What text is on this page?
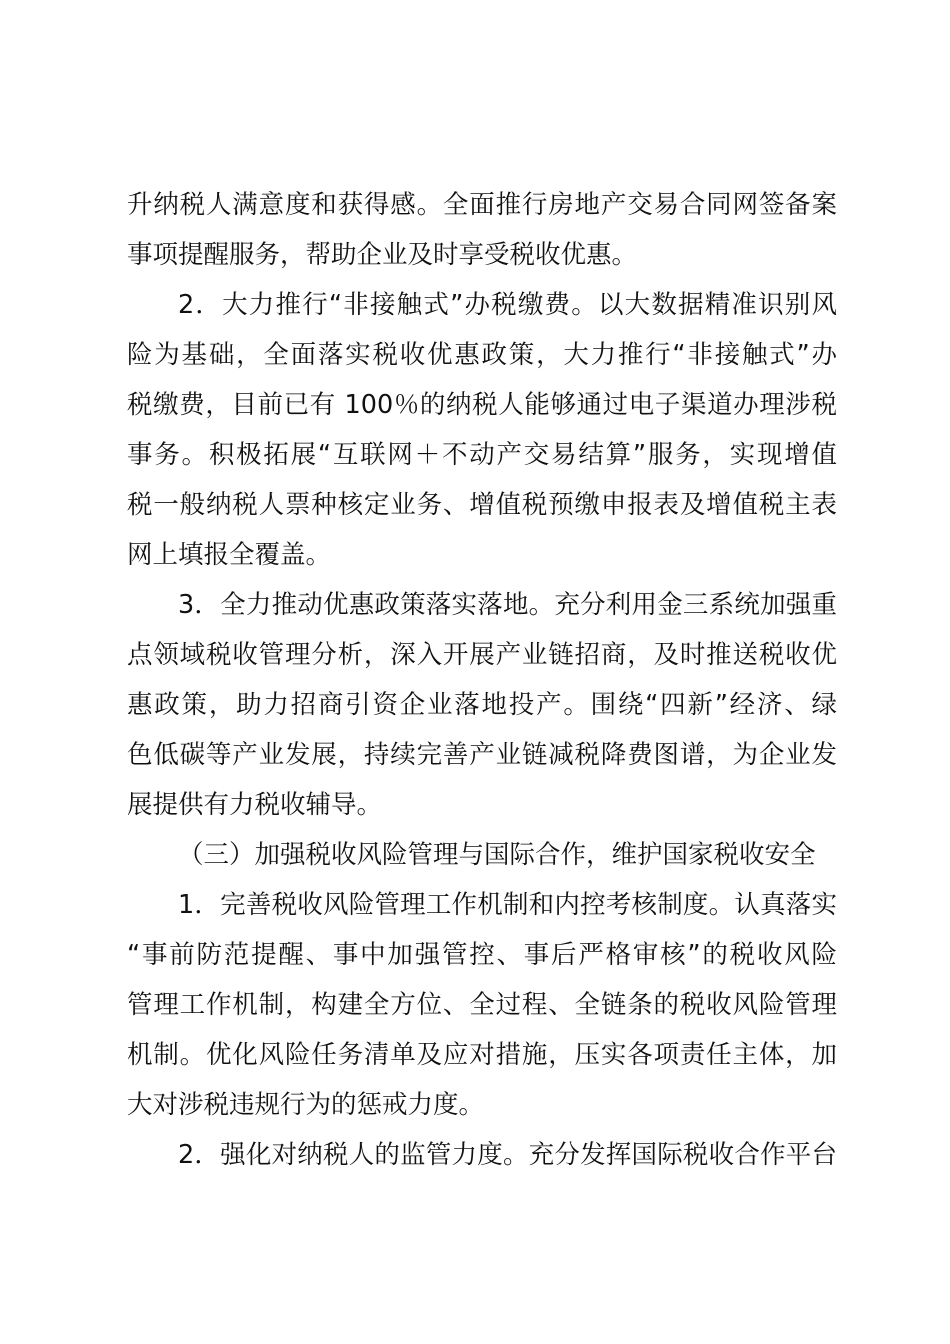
升纳税人满意度和获得感。全面推行房地产交易合同网签备案
事项提醒服务，帮助企业及时享受税收优惠。
2．大力推行“非接触式”办税缴费。以大数据精准识别风
险为基础，全面落实税收优惠政策，大力推行“非接触式”办
税缴费，目前已有 100％的纳税人能够通过电子渠道办理涉税
事务。积极拓展“互联网＋不动产交易结算”服务，实现增值
税一般纳税人票种核定业务、增值税预缴申报表及增值税主表
网上填报全覆盖。
3．全力推动优惠政策落实落地。充分利用金三系统加强重
点领域税收管理分析，深入开展产业链招商，及时推送税收优
惠政策，助力招商引资企业落地投产。围绕“四新”经济、绿
色低碳等产业发展，持续完善产业链减税降费图谱，为企业发
展提供有力税收辅导。
（三）加强税收风险管理与国际合作，维护国家税收安全
1．完善税收风险管理工作机制和内控考核制度。认真落实
“事前防范提醒、事中加强管控、事后严格审核”的税收风险
管理工作机制，构建全方位、全过程、全链条的税收风险管理
机制。优化风险任务清单及应对措施，压实各项责任主体，加
大对涉税违规行为的惩戒力度。
2．强化对纳税人的监管力度。充分发挥国际税收合作平台
